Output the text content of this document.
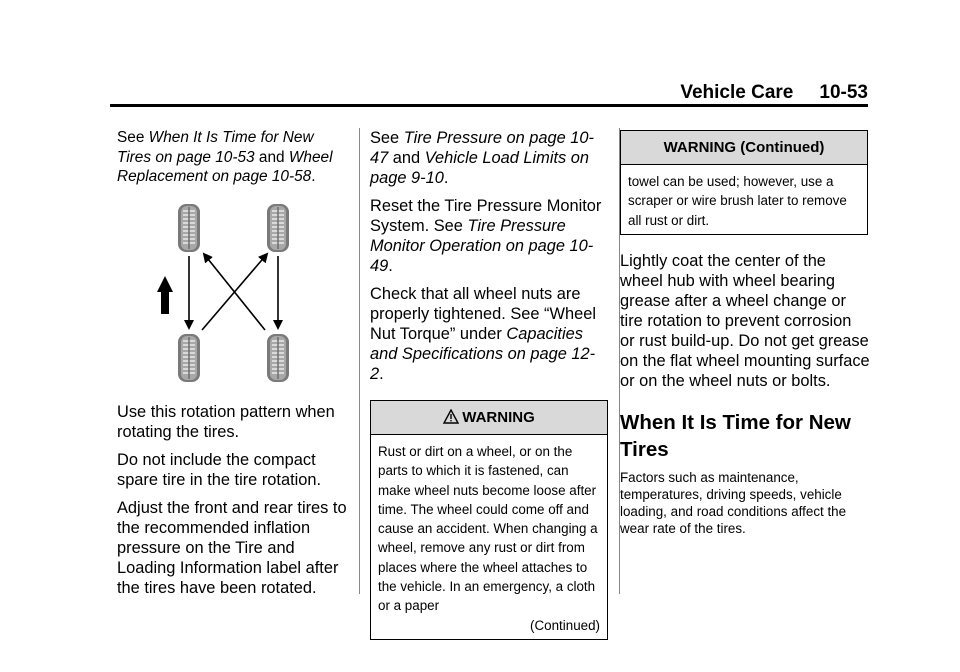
Vehicle Care 10-53

See When It Is Time for New Tires on page 10-53 and Wheel Replacement on page 10-58.

Use this rotation pattern when rotating the tires.

Do not include the compact spare tire in the tire rotation.

Adjust the front and rear tires to the recommended inflation pressure on the Tire and Loading Information label after the tires have been rotated.

See Tire Pressure on page 10-47 and Vehicle Load Limits on page 9-10.

Reset the Tire Pressure Monitor System. See Tire Pressure Monitor Operation on page 10-49.

Check that all wheel nuts are properly tightened. See “Wheel Nut Torque” under Capacities and Specifications on page 12-2.

WARNING
Rust or dirt on a wheel, or on the parts to which it is fastened, can make wheel nuts become loose after time. The wheel could come off and cause an accident. When changing a wheel, remove any rust or dirt from places where the wheel attaches to the vehicle. In an emergency, a cloth or a paper
(Continued)
WARNING (Continued)
towel can be used; however, use a scraper or wire brush later to remove all rust or dirt.

Lightly coat the center of the wheel hub with wheel bearing grease after a wheel change or tire rotation to prevent corrosion or rust build-up. Do not get grease on the flat wheel mounting surface or on the wheel nuts or bolts.

When It Is Time for New Tires

Factors such as maintenance, temperatures, driving speeds, vehicle loading, and road conditions affect the wear rate of the tires.
